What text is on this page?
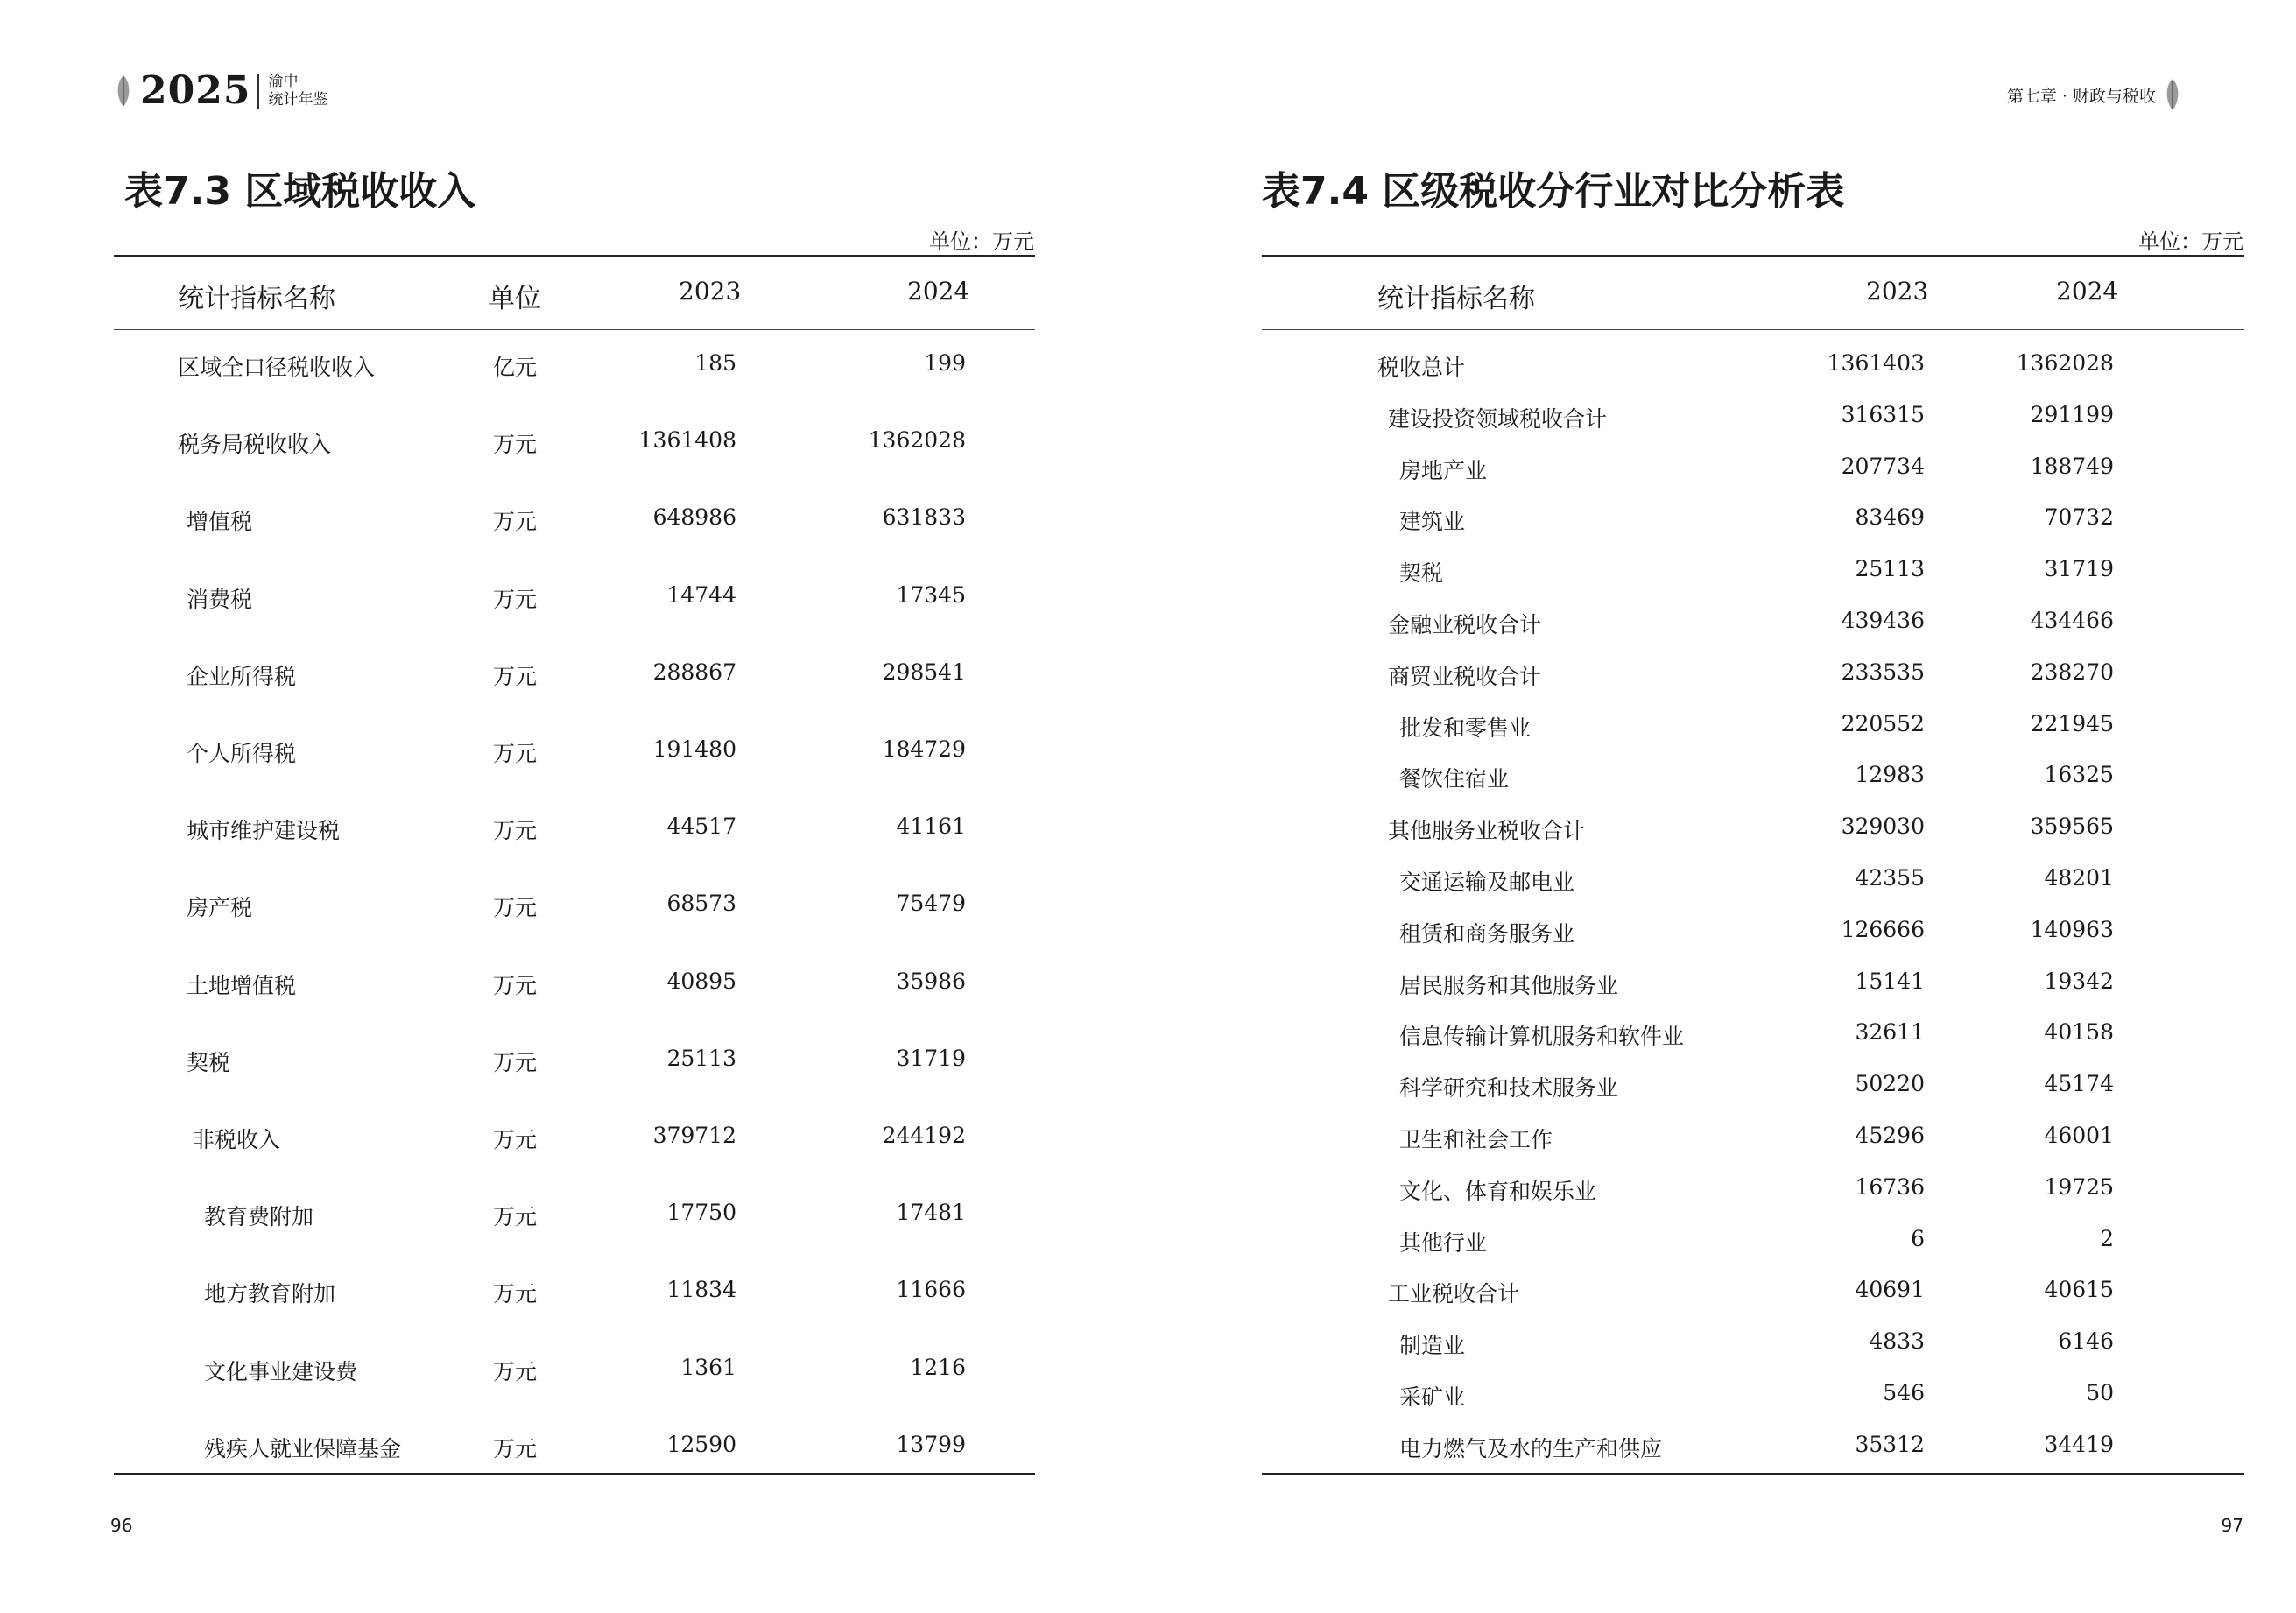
2025 渝中
统计年鉴
表7.3 区域税收收入
单位：万元
统计指标名称	单位	2023	2024
区域全口径税收收入	亿元	185	199
税务局税收收入	万元	1361408	1362028
增值税	万元	648986	631833
消费税	万元	14744	17345
企业所得税	万元	288867	298541
个人所得税	万元	191480	184729
城市维护建设税	万元	44517	41161
房产税	万元	68573	75479
土地增值税	万元	40895	35986
契税	万元	25113	31719
非税收入	万元	379712	244192
教育费附加	万元	17750	17481
地方教育附加	万元	11834	11666
文化事业建设费	万元	1361	1216
残疾人就业保障基金	万元	12590	13799
96
第七章 · 财政与税收
表7.4 区级税收分行业对比分析表
单位：万元
统计指标名称	2023	2024
税收总计	1361403	1362028
建设投资领域税收合计	316315	291199
房地产业	207734	188749
建筑业	83469	70732
契税	25113	31719
金融业税收合计	439436	434466
商贸业税收合计	233535	238270
批发和零售业	220552	221945
餐饮住宿业	12983	16325
其他服务业税收合计	329030	359565
交通运输及邮电业	42355	48201
租赁和商务服务业	126666	140963
居民服务和其他服务业	15141	19342
信息传输计算机服务和软件业	32611	40158
科学研究和技术服务业	50220	45174
卫生和社会工作	45296	46001
文化、体育和娱乐业	16736	19725
其他行业	6	2
工业税收合计	40691	40615
制造业	4833	6146
采矿业	546	50
电力燃气及水的生产和供应	35312	34419
97
